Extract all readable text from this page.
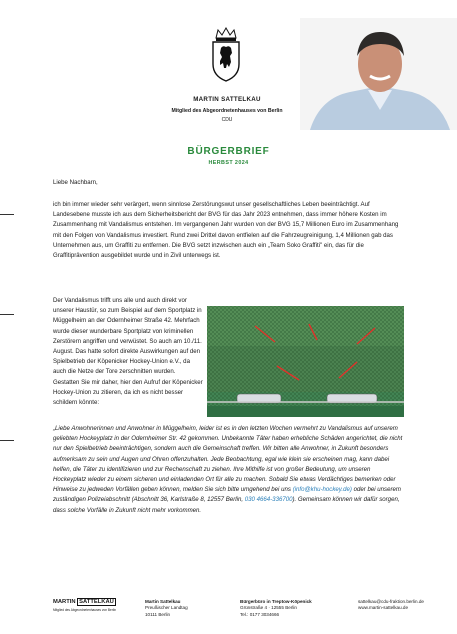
MARTIN SATTELKAU
Mitglied des Abgeordnetenhauses von Berlin
CDU
BÜRGERBRIEF
HERBST 2024
Liebe Nachbarn,
ich bin immer wieder sehr verärgert, wenn sinnlose Zerstörungswut unser gesellschaftliches Leben beeinträchtigt. Auf Landesebene musste ich aus dem Sicherheitsbericht der BVG für das Jahr 2023 entnehmen, dass immer höhere Kosten im Zusammenhang mit Vandalismus entstehen. Im vergangenen Jahr wurden von der BVG 15,7 Millionen Euro im Zusammenhang mit den Folgen von Vandalismus investiert. Rund zwei Drittel davon entfielen auf die Fahrzeugreinigung, 1,4 Millionen gab das Unternehmen aus, um Graffiti zu entfernen. Die BVG setzt inzwischen auch ein „Team Soko Graffiti" ein, das für die Graffitiprävention ausgebildet wurde und in Zivil unterwegs ist.
Der Vandalismus trifft uns alle und auch direkt vor unserer Haustür, so zum Beispiel auf dem Sportplatz in Müggelheim an der Odernheimer Straße 42. Mehrfach wurde dieser wunderbare Sportplatz von kriminellen Zerstörern angriffen und verwüstet. So auch am 10./11. August. Das hatte sofort direkte Auswirkungen auf den Spielbetrieb der Köpenicker Hockey-Union e.V., da auch die Netze der Tore zerschnitten wurden. Gestatten Sie mir daher, hier den Aufruf der Köpenicker Hockey-Union zu zitieren, da ich es nicht besser schildern könnte:
„Liebe Anwohnerinnen und Anwohner in Müggelheim, leider ist es in den letzten Wochen vermehrt zu Vandalismus auf unserem geliebten Hockeyplatz in der Odernheimer Str. 42 gekommen. Unbekannte Täter haben erhebliche Schäden angerichtet, die nicht nur den Spielbetrieb beeinträchtigen, sondern auch die Gemeinschaft treffen. Wir bitten alle Anwohner, in Zukunft besonders aufmerksam zu sein und Augen und Ohren offenzuhalten. Jede Beobachtung, egal wie klein sie erscheinen mag, kann dabei helfen, die Täter zu identifizieren und zur Rechenschaft zu ziehen. Ihre Mithilfe ist von großer Bedeutung, um unseren Hockeyplatz wieder zu einem sicheren und einladenden Ort für alle zu machen. Sobald Sie etwas Verdächtiges bemerken oder Hinweise zu jedweden Vorfällen geben können, melden Sie sich bitte umgehend bei uns (info@khu-hockey.de) oder bei unserem zuständigen Polizeiabschnitt (Abschnitt 36, Karlstraße 8, 12557 Berlin, 030 4664-336700). Gemeinsam können wir dafür sorgen, dass solche Vorfälle in Zukunft nicht mehr vorkommen.
MARTIN SATTELKAU
Mitglied des Abgeordnetenhauses von Berlin
Martin Sattelkau
Preußischer Landtag
10111 Berlin
Bürgerbüro in Treptow-Köpenick
Grünstraße 4 · 12555 Berlin
Tel.: 0177 3034666
sattelkau@cdu-fraktion.berlin.de
www.martin-sattelkau.de
